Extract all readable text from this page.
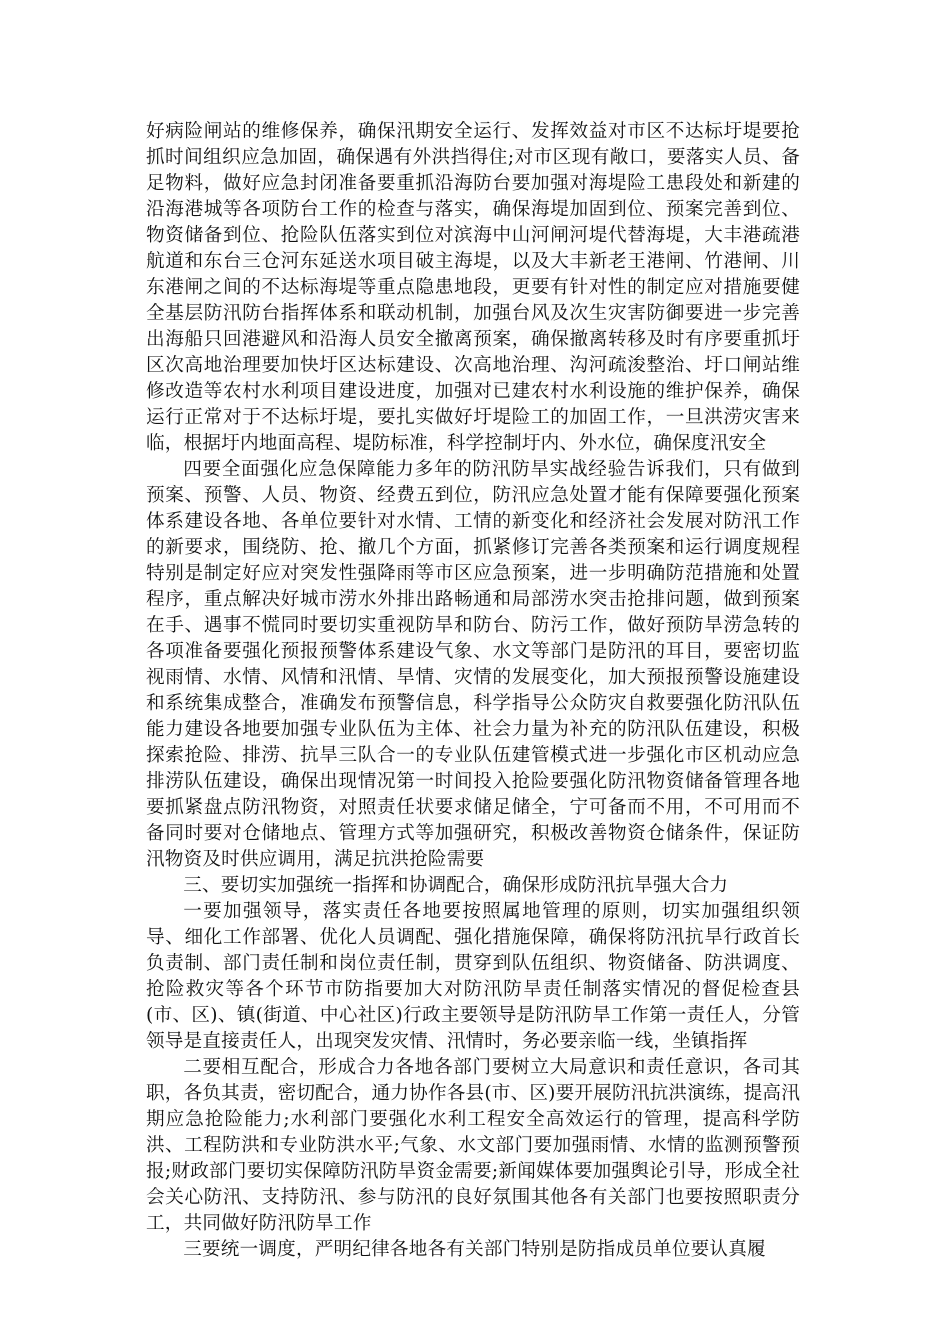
好病险闸站的维修保养，确保汛期安全运行、发挥效益对市区不达标圩堤要抢抓时间组织应急加固，确保遇有外洪挡得住;对市区现有敞口，要落实人员、备足物料，做好应急封闭准备要重抓沿海防台要加强对海堤险工患段处和新建的沿海港城等各项防台工作的检查与落实，确保海堤加固到位、预案完善到位、物资储备到位、抢险队伍落实到位对滨海中山河闸河堤代替海堤，大丰港疏港航道和东台三仓河东延送水项目破主海堤，以及大丰新老王港闸、竹港闸、川东港闸之间的不达标海堤等重点隐患地段，更要有针对性的制定应对措施要健全基层防汛防台指挥体系和联动机制，加强台风及次生灾害防御要进一步完善出海船只回港避风和沿海人员安全撤离预案，确保撤离转移及时有序要重抓圩区次高地治理要加快圩区达标建设、次高地治理、沟河疏浚整治、圩口闸站维修改造等农村水利项目建设进度，加强对已建农村水利设施的维护保养，确保运行正常对于不达标圩堤，要扎实做好圩堤险工的加固工作，一旦洪涝灾害来临，根据圩内地面高程、堤防标准，科学控制圩内、外水位，确保度汛安全

四要全面强化应急保障能力多年的防汛防旱实战经验告诉我们，只有做到预案、预警、人员、物资、经费五到位，防汛应急处置才能有保障要强化预案体系建设各地、各单位要针对水情、工情的新变化和经济社会发展对防汛工作的新要求，围绕防、抢、撤几个方面，抓紧修订完善各类预案和运行调度规程特别是制定好应对突发性强降雨等市区应急预案，进一步明确防范措施和处置程序，重点解决好城市涝水外排出路畅通和局部涝水突击抢排问题，做到预案在手、遇事不慌同时要切实重视防旱和防台、防污工作，做好预防旱涝急转的各项准备要强化预报预警体系建设气象、水文等部门是防汛的耳目，要密切监视雨情、水情、风情和汛情、旱情、灾情的发展变化，加大预报预警设施建设和系统集成整合，准确发布预警信息，科学指导公众防灾自救要强化防汛队伍能力建设各地要加强专业队伍为主体、社会力量为补充的防汛队伍建设，积极探索抢险、排涝、抗旱三队合一的专业队伍建管模式进一步强化市区机动应急排涝队伍建设，确保出现情况第一时间投入抢险要强化防汛物资储备管理各地要抓紧盘点防汛物资，对照责任状要求储足储全，宁可备而不用，不可用而不备同时要对仓储地点、管理方式等加强研究，积极改善物资仓储条件，保证防汛物资及时供应调用，满足抗洪抢险需要

三、要切实加强统一指挥和协调配合，确保形成防汛抗旱强大合力

一要加强领导，落实责任各地要按照属地管理的原则，切实加强组织领导、细化工作部署、优化人员调配、强化措施保障，确保将防汛抗旱行政首长负责制、部门责任制和岗位责任制，贯穿到队伍组织、物资储备、防洪调度、抢险救灾等各个环节市防指要加大对防汛防旱责任制落实情况的督促检查县(市、区)、镇(街道、中心社区)行政主要领导是防汛防旱工作第一责任人，分管领导是直接责任人，出现突发灾情、汛情时，务必要亲临一线，坐镇指挥

二要相互配合，形成合力各地各部门要树立大局意识和责任意识，各司其职，各负其责，密切配合，通力协作各县(市、区)要开展防汛抗洪演练，提高汛期应急抢险能力;水利部门要强化水利工程安全高效运行的管理，提高科学防洪、工程防洪和专业防洪水平;气象、水文部门要加强雨情、水情的监测预警预报;财政部门要切实保障防汛防旱资金需要;新闻媒体要加强舆论引导，形成全社会关心防汛、支持防汛、参与防汛的良好氛围其他各有关部门也要按照职责分工，共同做好防汛防旱工作

三要统一调度，严明纪律各地各有关部门特别是防指成员单位要认真履
